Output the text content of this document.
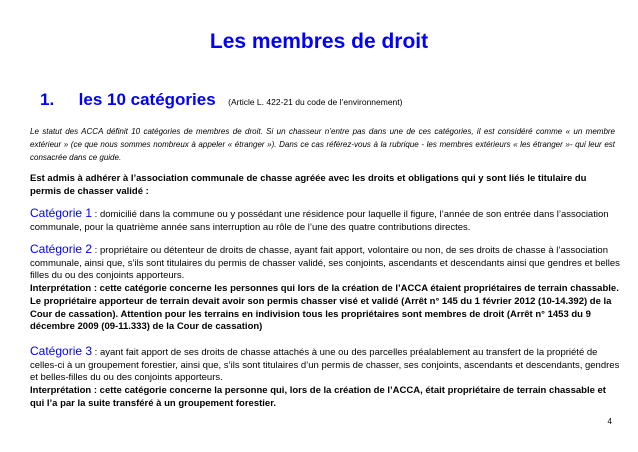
Les membres de droit
1. les 10 catégories (Article L. 422-21 du code de l’environnement)
Le statut des ACCA définit 10 catégories de membres de droit. Si un chasseur n’entre pas dans une de ces catégories, il est considéré comme « un membre extérieur » (ce que nous sommes nombreux à appeler « étranger »). Dans ce cas référez-vous à la rubrique - les membres extérieurs « les étranger »- qui leur est consacrée dans ce guide.
Est admis à adhérer à l’association communale de chasse agréée avec les droits et obligations qui y sont liés le titulaire du permis de chasser validé :
Catégorie 1 : domicilié dans la commune ou y possédant une résidence pour laquelle il figure, l’année de son entrée dans l’association communale, pour la quatrième année sans interruption au rôle de l’une des quatre contributions directes.
Catégorie 2 : propriétaire ou détenteur de droits de chasse, ayant fait apport, volontaire ou non, de ses droits de chasse à l’association communale, ainsi que, s’ils sont titulaires du permis de chasser validé, ses conjoints, ascendants et descendants ainsi que gendres et belles filles du ou des conjoints apporteurs.
Interprétation : cette catégorie concerne les personnes qui lors de la création de l’ACCA étaient propriétaires de terrain chassable. Le propriétaire apporteur de terrain devait avoir son permis chasser visé et validé (Arrêt n° 145 du 1 février 2012 (10-14.392) de la Cour de cassation). Attention pour les terrains en indivision tous les propriétaires sont membres de droit (Arrêt n° 1453 du 9 décembre 2009 (09-11.333) de la Cour de cassation)
Catégorie 3 : ayant fait apport de ses droits de chasse attachés à une ou des parcelles préalablement au transfert de la propriété de celles-ci à un groupement forestier, ainsi que, s’ils sont titulaires d’un permis de chasser, ses conjoints, ascendants et descendants, gendres et belles-filles du ou des conjoints apporteurs.
Interprétation : cette catégorie concerne la personne qui, lors de la création de l’ACCA, était propriétaire de terrain chassable et qui l’a par la suite transféré à un groupement forestier.
4
